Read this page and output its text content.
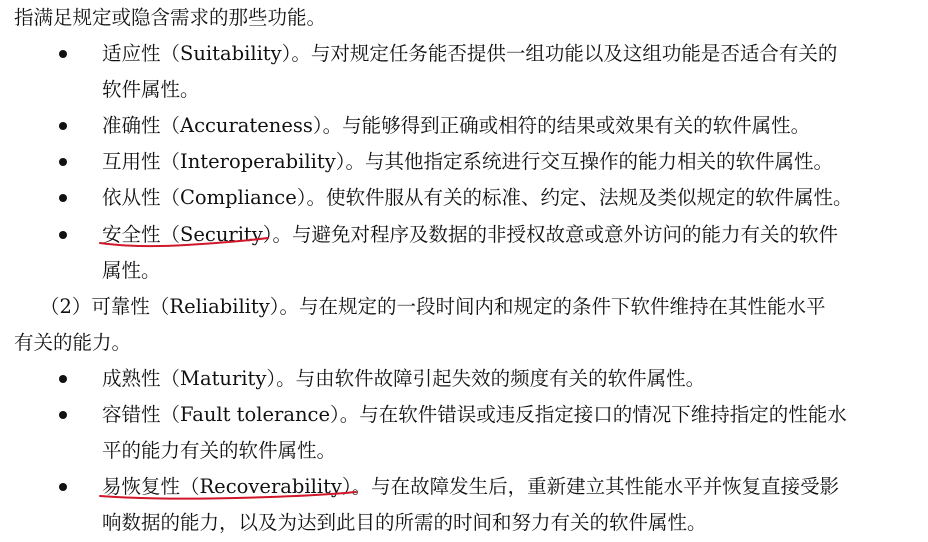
指满足规定或隐含需求的那些功能。
适应性（Suitability）。与对规定任务能否提供一组功能以及这组功能是否适合有关的
软件属性。
准确性（Accurateness）。与能够得到正确或相符的结果或效果有关的软件属性。
互用性（Interoperability）。与其他指定系统进行交互操作的能力相关的软件属性。
依从性（Compliance）。使软件服从有关的标准、约定、法规及类似规定的软件属性。
安全性（Security）。与避免对程序及数据的非授权故意或意外访问的能力有关的软件
属性。
（2）可靠性（Reliability）。与在规定的一段时间内和规定的条件下软件维持在其性能水平
有关的能力。
成熟性（Maturity）。与由软件故障引起失效的频度有关的软件属性。
容错性（Fault tolerance）。与在软件错误或违反指定接口的情况下维持指定的性能水
平的能力有关的软件属性。
易恢复性（Recoverability）。与在故障发生后，重新建立其性能水平并恢复直接受影
响数据的能力，以及为达到此目的所需的时间和努力有关的软件属性。
